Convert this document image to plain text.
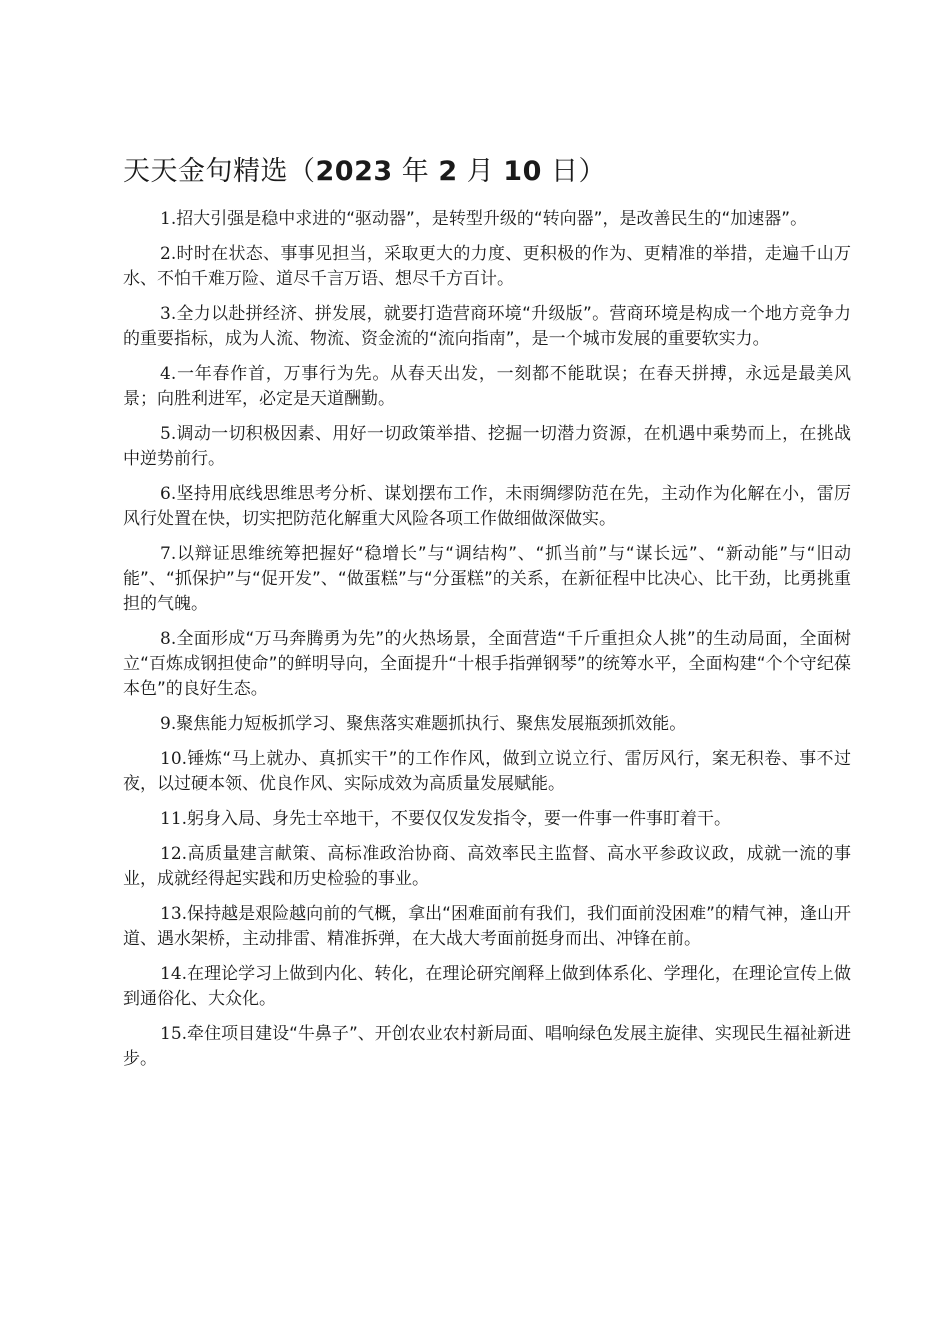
天天金句精选（2023 年 2 月 10 日）

1.招大引强是稳中求进的“驱动器”，是转型升级的“转向器”，是改善民生的“加速器”。

2.时时在状态、事事见担当，采取更大的力度、更积极的作为、更精准的举措，走遍千山万水、不怕千难万险、道尽千言万语、想尽千方百计。

3.全力以赴拼经济、拼发展，就要打造营商环境“升级版”。营商环境是构成一个地方竞争力的重要指标，成为人流、物流、资金流的“流向指南”，是一个城市发展的重要软实力。

4.一年春作首，万事行为先。从春天出发，一刻都不能耽误；在春天拼搏，永远是最美风景；向胜利进军，必定是天道酬勤。

5.调动一切积极因素、用好一切政策举措、挖掘一切潜力资源，在机遇中乘势而上，在挑战中逆势前行。

6.坚持用底线思维思考分析、谋划摆布工作，未雨绸缪防范在先，主动作为化解在小，雷厉风行处置在快，切实把防范化解重大风险各项工作做细做深做实。

7.以辩证思维统筹把握好“稳增长”与“调结构”、“抓当前”与“谋长远”、“新动能”与“旧动能”、“抓保护”与“促开发”、“做蛋糕”与“分蛋糕”的关系，在新征程中比决心、比干劲，比勇挑重担的气魄。

8.全面形成“万马奔腾勇为先”的火热场景，全面营造“千斤重担众人挑”的生动局面，全面树立“百炼成钢担使命”的鲜明导向，全面提升“十根手指弹钢琴”的统筹水平，全面构建“个个守纪葆本色”的良好生态。

9.聚焦能力短板抓学习、聚焦落实难题抓执行、聚焦发展瓶颈抓效能。

10.锤炼“马上就办、真抓实干”的工作作风，做到立说立行、雷厉风行，案无积卷、事不过夜，以过硬本领、优良作风、实际成效为高质量发展赋能。

11.躬身入局、身先士卒地干，不要仅仅发发指令，要一件事一件事盯着干。

12.高质量建言献策、高标准政治协商、高效率民主监督、高水平参政议政，成就一流的事业，成就经得起实践和历史检验的事业。

13.保持越是艰险越向前的气概，拿出“困难面前有我们，我们面前没困难”的精气神，逢山开道、遇水架桥，主动排雷、精准拆弹，在大战大考面前挺身而出、冲锋在前。

14.在理论学习上做到内化、转化，在理论研究阐释上做到体系化、学理化，在理论宣传上做到通俗化、大众化。

15.牵住项目建设“牛鼻子”、开创农业农村新局面、唱响绿色发展主旋律、实现民生福祉新进步。
